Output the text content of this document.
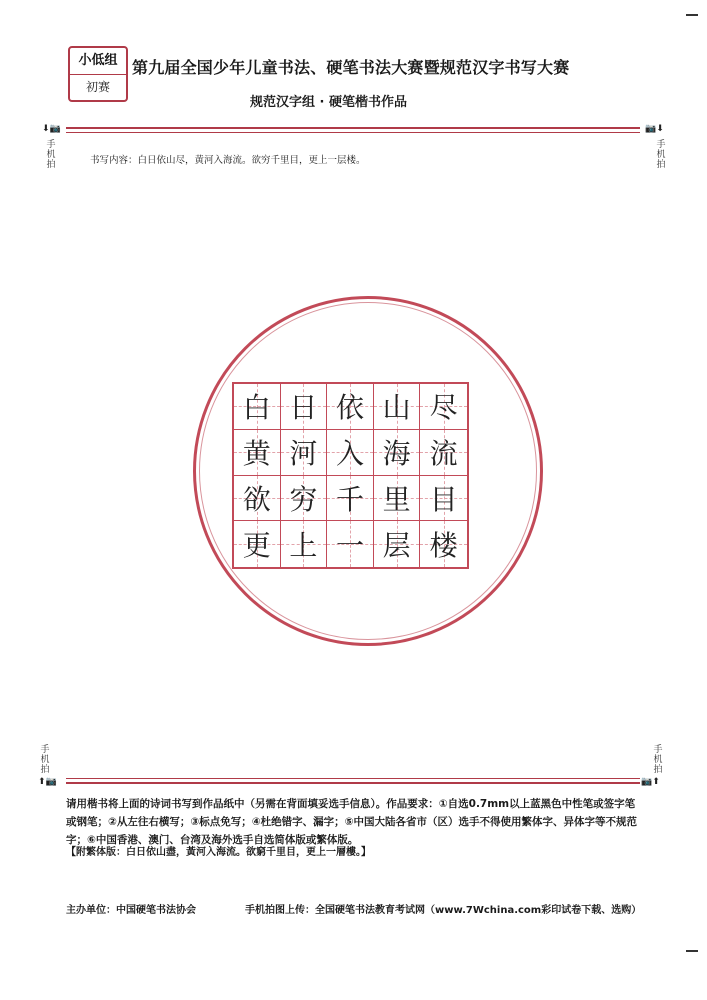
小低组
初赛
第九届全国少年儿童书法、硬笔书法大赛暨规范汉字书写大赛
规范汉字组 · 硬笔楷书作品
⬇📷
手机拍
📷⬇
手机拍
书写内容：白日依山尽，黄河入海流。欲穷千里目，更上一层楼。
白 日 依 山 尽
黄 河 入 海 流
欲 穷 千 里 目
更 上 一 层 楼
手机拍
⬆📷
手机拍
📷⬆
请用楷书将上面的诗词书写到作品纸中（另需在背面填妥选手信息）。作品要求：①自选0.7mm以上蓝黑色中性笔或签字笔或钢笔；②从左往右横写；③标点免写；④杜绝错字、漏字；⑤中国大陆各省市（区）选手不得使用繁体字、异体字等不规范字；⑥中国香港、澳门、台湾及海外选手自选简体版或繁体版。
【附繁体版：白日依山盡，黃河入海流。欲窮千里目，更上一層樓。】
主办单位：中国硬笔书法协会	手机拍图上传：全国硬笔书法教育考试网（www.7Wchina.com彩印试卷下载、选购）
